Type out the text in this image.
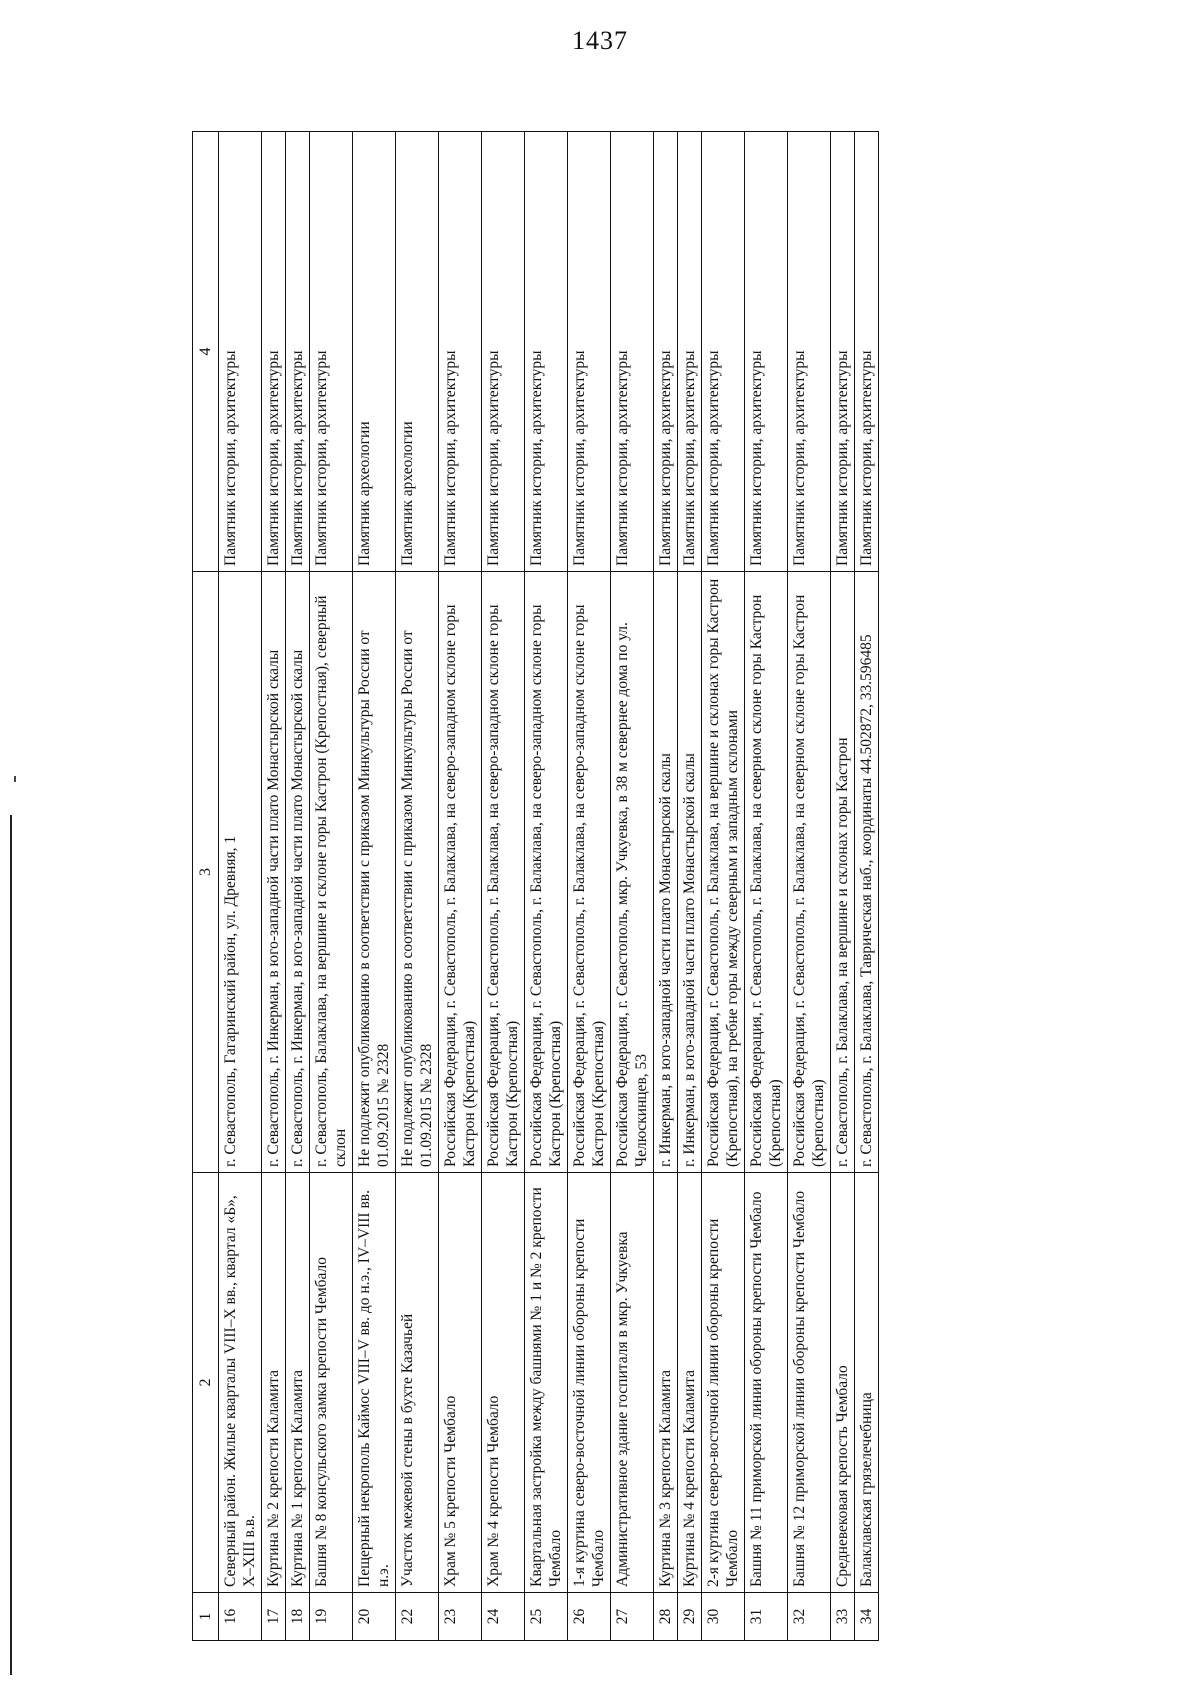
1437
1	2	3	4
16	Северный район. Жилые кварталы VIII–X вв., квартал «Б», X–XIII в.в.	г. Севастополь, Гагаринский район, ул. Древняя, 1	Памятник истории, архитектуры
17	Куртина № 2 крепости Каламита	г. Севастополь, г. Инкерман, в юго-западной части плато Монастырской скалы	Памятник истории, архитектуры
18	Куртина № 1 крепости Каламита	г. Севастополь, г. Инкерман, в юго-западной части плато Монастырской скалы	Памятник истории, архитектуры
19	Башня № 8 консульского замка крепости Чембало	г. Севастополь, Балаклава, на вершине и склоне горы Кастрон (Крепостная), северный склон	Памятник истории, архитектуры
20	Пещерный некрополь Каймос VIII–V вв. до н.э., IV–VIII вв. н.э.	Не подлежит опубликованию в соответствии с приказом Минкультуры России от 01.09.2015 № 2328	Памятник археологии
22	Участок межевой стены в бухте Казачьей	Не подлежит опубликованию в соответствии с приказом Минкультуры России от 01.09.2015 № 2328	Памятник археологии
23	Храм № 5 крепости Чембало	Российская Федерация, г. Севастополь, г. Балаклава, на северо-западном склоне горы Кастрон (Крепостная)	Памятник истории, архитектуры
24	Храм № 4 крепости Чембало	Российская Федерация, г. Севастополь, г. Балаклава, на северо-западном склоне горы Кастрон (Крепостная)	Памятник истории, архитектуры
25	Квартальная застройка между башнями № 1 и № 2 крепости Чембало	Российская Федерация, г. Севастополь, г. Балаклава, на северо-западном склоне горы Кастрон (Крепостная)	Памятник истории, архитектуры
26	1-я куртина северо-восточной линии обороны крепости Чембало	Российская Федерация, г. Севастополь, г. Балаклава, на северо-западном склоне горы Кастрон (Крепостная)	Памятник истории, архитектуры
27	Административное здание госпиталя в мкр. Учкуевка	Российская Федерация, г. Севастополь, мкр. Учкуевка, в 38 м севернее дома по ул. Челюскинцев, 53	Памятник истории, архитектуры
28	Куртина № 3 крепости Каламита	г. Инкерман, в юго-западной части плато Монастырской скалы	Памятник истории, архитектуры
29	Куртина № 4 крепости Каламита	г. Инкерман, в юго-западной части плато Монастырской скалы	Памятник истории, архитектуры
30	2-я куртина северо-восточной линии обороны крепости Чембало	Российская Федерация, г. Севастополь, г. Балаклава, на вершине и склонах горы Кастрон (Крепостная), на гребне горы между северным и западным склонами	Памятник истории, архитектуры
31	Башня № 11 приморской линии обороны крепости Чембало	Российская Федерация, г. Севастополь, г. Балаклава, на северном склоне горы Кастрон (Крепостная)	Памятник истории, архитектуры
32	Башня № 12 приморской линии обороны крепости Чембало	Российская Федерация, г. Севастополь, г. Балаклава, на северном склоне горы Кастрон (Крепостная)	Памятник истории, архитектуры
33	Средневековая крепость Чембало	г. Севастополь, г. Балаклава, на вершине и склонах горы Кастрон	Памятник истории, архитектуры
34	Балаклавская грязелечебница	г. Севастополь, г. Балаклава, Таврическая наб., координаты 44.502872, 33.596485	Памятник истории, архитектуры
